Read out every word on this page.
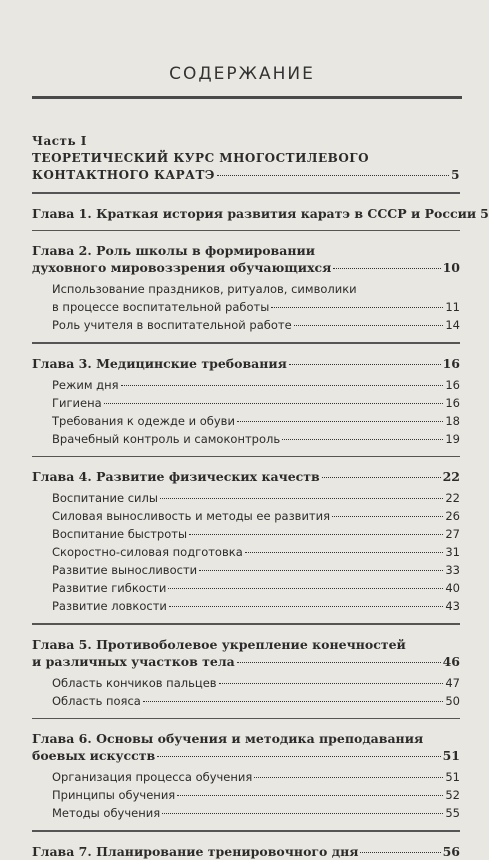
СОДЕРЖАНИЕ
Часть I
ТЕОРЕТИЧЕСКИЙ КУРС МНОГОСТИЛЕВОГО
КОНТАКТНОГО КАРАТЭ	5
Глава 1. Краткая история развития каратэ в СССР и России 5
Глава 2. Роль школы в формировании
духовного мировоззрения обучающихся	10
Использование праздников, ритуалов, символики
в процессе воспитательной работы	11
Роль учителя в воспитательной работе	14
Глава 3. Медицинские требования	16
Режим дня	16
Гигиена	16
Требования к одежде и обуви	18
Врачебный контроль и самоконтроль	19
Глава 4. Развитие физических качеств	22
Воспитание силы	22
Силовая выносливость и методы ее развития	26
Воспитание быстроты	27
Скоростно-силовая подготовка	31
Развитие выносливости	33
Развитие гибкости	40
Развитие ловкости	43
Глава 5. Противоболевое укрепление конечностей
и различных участков тела	46
Область кончиков пальцев	47
Область пояса	50
Глава 6. Основы обучения и методика преподавания
боевых искусств	51
Организация процесса обучения	51
Принципы обучения	52
Методы обучения	55
Глава 7. Планирование тренировочного дня	56
